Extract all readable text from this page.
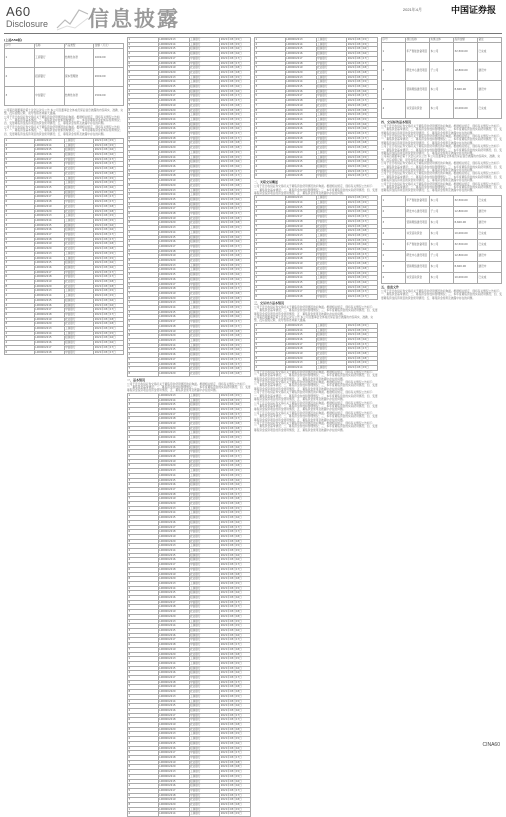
A60
Disclosure 信息披露	2021年4月	中国证券报
(上接A59版)
序号	名称	产品类型	金额（万元）
1	工商银行	结构性存款	1000.00
2	招商银行	保本型理财	2000.00
3	中信银行	结构性存款	1500.00

公司第四届董事会第十次会议决议公告 本公司及董事会全体成员保证信息披露的内容真实、准确、完整，没有虚假记载、误导性陈述或重大遗漏。

公司于近日收到证券交易所关于募集资金使用情况的问询函。根据相关规定，现将有关情况公告如下：一、募集资金基本情况；二、募集资金存放和管理情况；三、本年度募集资金的实际使用情况；四、变更募集资金投资项目的资金使用情况；五、募集资金使用及披露中存在的问题。

公司于近日收到证券交易所关于募集资金使用情况的问询函。根据相关规定，现将有关情况公告如下：一、募集资金基本情况；二、募集资金存放和管理情况；三、本年度募集资金的实际使用情况；四、变更募集资金投资项目的资金使用情况；五、募集资金使用及披露中存在的问题。

1	L000002213	工商银行	2021年03月15日
2	L000002214	工商银行	2021年03月15日
3	L000002215	招商银行	2021年03月16日
4	L000002216	招商银行	2021年03月16日
5	L000002217	中信银行	2021年03月17日
6	L000002218	中信银行	2021年03月17日
7	L000002219	农业银行	2021年03月18日
8	L000002220	农业银行	2021年03月18日
1	L000002213	工商银行	2021年03月15日
2	L000002214	工商银行	2021年03月15日
3	L000002215	招商银行	2021年03月16日
4	L000002216	招商银行	2021年03月16日
5	L000002217	中信银行	2021年03月17日
6	L000002218	中信银行	2021年03月17日
7	L000002219	农业银行	2021年03月18日
8	L000002220	农业银行	2021年03月18日
1	L000002213	工商银行	2021年03月15日
2	L000002214	工商银行	2021年03月15日
3	L000002215	招商银行	2021年03月16日
4	L000002216	招商银行	2021年03月16日
5	L000002217	中信银行	2021年03月17日
6	L000002218	中信银行	2021年03月17日
7	L000002219	农业银行	2021年03月18日
8	L000002220	农业银行	2021年03月18日
1	L000002213	工商银行	2021年03月15日
2	L000002214	工商银行	2021年03月15日
3	L000002215	招商银行	2021年03月16日
4	L000002216	招商银行	2021年03月16日
5	L000002217	中信银行	2021年03月17日
6	L000002218	中信银行	2021年03月17日
7	L000002219	农业银行	2021年03月18日
8	L000002220	农业银行	2021年03月18日
1	L000002213	工商银行	2021年03月15日
2	L000002214	工商银行	2021年03月15日
3	L000002215	招商银行	2021年03月16日
4	L000002216	招商银行	2021年03月16日
5	L000002217	中信银行	2021年03月17日
6	L000002218	中信银行	2021年03月17日
7	L000002219	农业银行	2021年03月18日
8	L000002220	农业银行	2021年03月18日
1	L000002213	工商银行	2021年03月15日
2	L000002214	工商银行	2021年03月15日
3	L000002215	招商银行	2021年03月16日
4	L000002216	招商银行	2021年03月16日
5	L000002217	中信银行	2021年03月17日
6	L000002218	中信银行	2021年03月17日
1	L000002213	工商银行	2021年03月15日
2	L000002214	工商银行	2021年03月15日
3	L000002215	招商银行	2021年03月16日
4	L000002216	招商银行	2021年03月16日
5	L000002217	中信银行	2021年03月17日
6	L000002218	中信银行	2021年03月17日
7	L000002219	农业银行	2021年03月18日
8	L000002220	农业银行	2021年03月18日
1	L000002213	工商银行	2021年03月15日
2	L000002214	工商银行	2021年03月15日
3	L000002215	招商银行	2021年03月16日
4	L000002216	招商银行	2021年03月16日
5	L000002217	中信银行	2021年03月17日
6	L000002218	中信银行	2021年03月17日
7	L000002219	农业银行	2021年03月18日
8	L000002220	农业银行	2021年03月18日
1	L000002213	工商银行	2021年03月15日
2	L000002214	工商银行	2021年03月15日
3	L000002215	招商银行	2021年03月16日
4	L000002216	招商银行	2021年03月16日
5	L000002217	中信银行	2021年03月17日
6	L000002218	中信银行	2021年03月17日
7	L000002219	农业银行	2021年03月18日
8	L000002220	农业银行	2021年03月18日
1	L000002213	工商银行	2021年03月15日
2	L000002214	工商银行	2021年03月15日
3	L000002215	招商银行	2021年03月16日
4	L000002216	招商银行	2021年03月16日
5	L000002217	中信银行	2021年03月17日
6	L000002218	中信银行	2021年03月17日
7	L000002219	农业银行	2021年03月18日
8	L000002220	农业银行	2021年03月18日
1	L000002213	工商银行	2021年03月15日
2	L000002214	工商银行	2021年03月15日
3	L000002215	招商银行	2021年03月16日
4	L000002216	招商银行	2021年03月16日
5	L000002217	中信银行	2021年03月17日
6	L000002218	中信银行	2021年03月17日
7	L000002219	农业银行	2021年03月18日
8	L000002220	农业银行	2021年03月18日
1	L000002213	工商银行	2021年03月15日
2	L000002214	工商银行	2021年03月15日
3	L000002215	招商银行	2021年03月16日
4	L000002216	招商银行	2021年03月16日
5	L000002217	中信银行	2021年03月17日
6	L000002218	中信银行	2021年03月17日
7	L000002219	农业银行	2021年03月18日
8	L000002220	农业银行	2021年03月18日
1	L000002213	工商银行	2021年03月15日
2	L000002214	工商银行	2021年03月15日
3	L000002215	招商银行	2021年03月16日
4	L000002216	招商银行	2021年03月16日
5	L000002217	中信银行	2021年03月17日
6	L000002218	中信银行	2021年03月17日
7	L000002219	农业银行	2021年03月18日
8	L000002220	农业银行	2021年03月18日
1	L000002213	工商银行	2021年03月15日
2	L000002214	工商银行	2021年03月15日
3	L000002215	招商银行	2021年03月16日
4	L000002216	招商银行	2021年03月16日
5	L000002217	中信银行	2021年03月17日
6	L000002218	中信银行	2021年03月17日
7	L000002219	农业银行	2021年03月18日
8	L000002220	农业银行	2021年03月18日
1	L000002213	工商银行	2021年03月15日
2	L000002214	工商银行	2021年03月15日
3	L000002215	招商银行	2021年03月16日
4	L000002216	招商银行	2021年03月16日
5	L000002217	中信银行	2021年03月17日
6	L000002218	中信银行	2021年03月17日
7	L000002219	农业银行	2021年03月18日
8	L000002220	农业银行	2021年03月18日
一、基本情况

公司于近日收到证券交易所关于募集资金使用情况的问询函。根据相关规定，现将有关情况公告如下：一、募集资金基本情况；二、募集资金存放和管理情况；三、本年度募集资金的实际使用情况；四、变更募集资金投资项目的资金使用情况；五、募集资金使用及披露中存在的问题。

1	L000002213	工商银行	2021年03月15日
2	L000002214	工商银行	2021年03月15日
3	L000002215	招商银行	2021年03月16日
4	L000002216	招商银行	2021年03月16日
5	L000002217	中信银行	2021年03月17日
6	L000002218	中信银行	2021年03月17日
7	L000002219	农业银行	2021年03月18日
8	L000002220	农业银行	2021年03月18日
1	L000002213	工商银行	2021年03月15日
2	L000002214	工商银行	2021年03月15日
3	L000002215	招商银行	2021年03月16日
4	L000002216	招商银行	2021年03月16日
5	L000002217	中信银行	2021年03月17日
6	L000002218	中信银行	2021年03月17日
7	L000002219	农业银行	2021年03月18日
8	L000002220	农业银行	2021年03月18日
1	L000002213	工商银行	2021年03月15日
2	L000002214	工商银行	2021年03月15日
3	L000002215	招商银行	2021年03月16日
4	L000002216	招商银行	2021年03月16日
5	L000002217	中信银行	2021年03月17日
6	L000002218	中信银行	2021年03月17日
7	L000002219	农业银行	2021年03月18日
8	L000002220	农业银行	2021年03月18日
1	L000002213	工商银行	2021年03月15日
2	L000002214	工商银行	2021年03月15日
3	L000002215	招商银行	2021年03月16日
4	L000002216	招商银行	2021年03月16日
5	L000002217	中信银行	2021年03月17日
6	L000002218	中信银行	2021年03月17日
7	L000002219	农业银行	2021年03月18日
8	L000002220	农业银行	2021年03月18日
1	L000002213	工商银行	2021年03月15日
2	L000002214	工商银行	2021年03月15日
3	L000002215	招商银行	2021年03月16日
4	L000002216	招商银行	2021年03月16日
5	L000002217	中信银行	2021年03月17日
6	L000002218	中信银行	2021年03月17日
7	L000002219	农业银行	2021年03月18日
8	L000002220	农业银行	2021年03月18日
1	L000002213	工商银行	2021年03月15日
2	L000002214	工商银行	2021年03月15日
3	L000002215	招商银行	2021年03月16日
4	L000002216	招商银行	2021年03月16日
5	L000002217	中信银行	2021年03月17日
6	L000002218	中信银行	2021年03月17日
7	L000002219	农业银行	2021年03月18日
8	L000002220	农业银行	2021年03月18日
1	L000002213	工商银行	2021年03月15日
2	L000002214	工商银行	2021年03月15日
3	L000002215	招商银行	2021年03月16日
4	L000002216	招商银行	2021年03月16日
5	L000002217	中信银行	2021年03月17日
6	L000002218	中信银行	2021年03月17日
7	L000002219	农业银行	2021年03月18日
8	L000002220	农业银行	2021年03月18日
1	L000002213	工商银行	2021年03月15日
2	L000002214	工商银行	2021年03月15日
3	L000002215	招商银行	2021年03月16日
4	L000002216	招商银行	2021年03月16日
5	L000002217	中信银行	2021年03月17日
6	L000002218	中信银行	2021年03月17日
7	L000002219	农业银行	2021年03月18日
8	L000002220	农业银行	2021年03月18日
1	L000002213	工商银行	2021年03月15日
2	L000002214	工商银行	2021年03月15日
3	L000002215	招商银行	2021年03月16日
4	L000002216	招商银行	2021年03月16日
5	L000002217	中信银行	2021年03月17日
6	L000002218	中信银行	2021年03月17日
7	L000002219	农业银行	2021年03月18日
8	L000002220	农业银行	2021年03月18日
1	L000002213	工商银行	2021年03月15日
2	L000002214	工商银行	2021年03月15日
3	L000002215	招商银行	2021年03月16日
4	L000002216	招商银行	2021年03月16日
5	L000002217	中信银行	2021年03月17日
6	L000002218	中信银行	2021年03月17日
7	L000002219	农业银行	2021年03月18日
8	L000002220	农业银行	2021年03月18日
1	L000002213	工商银行	2021年03月15日
2	L000002214	工商银行	2021年03月15日
3	L000002215	招商银行	2021年03月16日
4	L000002216	招商银行	2021年03月16日
5	L000002217	中信银行	2021年03月17日
6	L000002218	中信银行	2021年03月17日
7	L000002219	农业银行	2021年03月18日
8	L000002220	农业银行	2021年03月18日
1	L000002213	工商银行	2021年03月15日
2	L000002214	工商银行	2021年03月15日
1	L000002213	工商银行	2021年03月15日
2	L000002214	工商银行	2021年03月15日
3	L000002215	招商银行	2021年03月16日
4	L000002216	招商银行	2021年03月16日
5	L000002217	中信银行	2021年03月17日
6	L000002218	中信银行	2021年03月17日
7	L000002219	农业银行	2021年03月18日
8	L000002220	农业银行	2021年03月18日
1	L000002213	工商银行	2021年03月15日
2	L000002214	工商银行	2021年03月15日
3	L000002215	招商银行	2021年03月16日
4	L000002216	招商银行	2021年03月16日
5	L000002217	中信银行	2021年03月17日
6	L000002218	中信银行	2021年03月17日
7	L000002219	农业银行	2021年03月18日
8	L000002220	农业银行	2021年03月18日
1	L000002213	工商银行	2021年03月15日
2	L000002214	工商银行	2021年03月15日
3	L000002215	招商银行	2021年03月16日
4	L000002216	招商银行	2021年03月16日
5	L000002217	中信银行	2021年03月17日
6	L000002218	中信银行	2021年03月17日
7	L000002219	农业银行	2021年03月18日
8	L000002220	农业银行	2021年03月18日
1	L000002213	工商银行	2021年03月15日
2	L000002214	工商银行	2021年03月15日
3	L000002215	招商银行	2021年03月16日
4	L000002216	招商银行	2021年03月16日
5	L000002217	中信银行	2021年03月17日
6	L000002218	中信银行	2021年03月17日
二、关联交易概述

公司于近日收到证券交易所关于募集资金使用情况的问询函。根据相关规定，现将有关情况公告如下：一、募集资金基本情况；二、募集资金存放和管理情况；三、本年度募集资金的实际使用情况；四、变更募集资金投资项目的资金使用情况；五、募集资金使用及披露中存在的问题。

1	L000002213	工商银行	2021年03月15日
2	L000002214	工商银行	2021年03月15日
3	L000002215	招商银行	2021年03月16日
4	L000002216	招商银行	2021年03月16日
5	L000002217	中信银行	2021年03月17日
6	L000002218	中信银行	2021年03月17日
7	L000002219	农业银行	2021年03月18日
8	L000002220	农业银行	2021年03月18日
1	L000002213	工商银行	2021年03月15日
2	L000002214	工商银行	2021年03月15日
3	L000002215	招商银行	2021年03月16日
4	L000002216	招商银行	2021年03月16日
5	L000002217	中信银行	2021年03月17日
6	L000002218	中信银行	2021年03月17日
7	L000002219	农业银行	2021年03月18日
8	L000002220	农业银行	2021年03月18日
1	L000002213	工商银行	2021年03月15日
2	L000002214	工商银行	2021年03月15日
3	L000002215	招商银行	2021年03月16日
4	L000002216	招商银行	2021年03月16日
5	L000002217	中信银行	2021年03月17日
6	L000002218	中信银行	2021年03月17日
三、交易对方基本情况

公司于近日收到证券交易所关于募集资金使用情况的问询函。根据相关规定，现将有关情况公告如下：一、募集资金基本情况；二、募集资金存放和管理情况；三、本年度募集资金的实际使用情况；四、变更募集资金投资项目的资金使用情况；五、募集资金使用及披露中存在的问题。

公司第四届董事会第十次会议决议公告 本公司及董事会全体成员保证信息披露的内容真实、准确、完整，没有虚假记载、误导性陈述或重大遗漏。

1	L000002213	工商银行	2021年03月15日
2	L000002214	工商银行	2021年03月15日
3	L000002215	招商银行	2021年03月16日
4	L000002216	招商银行	2021年03月16日
5	L000002217	中信银行	2021年03月17日
6	L000002218	中信银行	2021年03月17日
7	L000002219	农业银行	2021年03月18日
8	L000002220	农业银行	2021年03月18日
1	L000002213	工商银行	2021年03月15日
2	L000002214	工商银行	2021年03月15日

公司于近日收到证券交易所关于募集资金使用情况的问询函。根据相关规定，现将有关情况公告如下：一、募集资金基本情况；二、募集资金存放和管理情况；三、本年度募集资金的实际使用情况；四、变更募集资金投资项目的资金使用情况；五、募集资金使用及披露中存在的问题。

公司于近日收到证券交易所关于募集资金使用情况的问询函。根据相关规定，现将有关情况公告如下：一、募集资金基本情况；二、募集资金存放和管理情况；三、本年度募集资金的实际使用情况；四、变更募集资金投资项目的资金使用情况；五、募集资金使用及披露中存在的问题。

公司于近日收到证券交易所关于募集资金使用情况的问询函。根据相关规定，现将有关情况公告如下：一、募集资金基本情况；二、募集资金存放和管理情况；三、本年度募集资金的实际使用情况；四、变更募集资金投资项目的资金使用情况；五、募集资金使用及披露中存在的问题。

公司于近日收到证券交易所关于募集资金使用情况的问询函。根据相关规定，现将有关情况公告如下：一、募集资金基本情况；二、募集资金存放和管理情况；三、本年度募集资金的实际使用情况；四、变更募集资金投资项目的资金使用情况；五、募集资金使用及披露中存在的问题。

公司于近日收到证券交易所关于募集资金使用情况的问询函。根据相关规定，现将有关情况公告如下：一、募集资金基本情况；二、募集资金存放和管理情况；三、本年度募集资金的实际使用情况；四、变更募集资金投资项目的资金使用情况；五、募集资金使用及披露中存在的问题。

公司于近日收到证券交易所关于募集资金使用情况的问询函。根据相关规定，现将有关情况公告如下：一、募集资金基本情况；二、募集资金存放和管理情况；三、本年度募集资金的实际使用情况；四、变更募集资金投资项目的资金使用情况；五、募集资金使用及披露中存在的问题。

序号	项目名称	实施主体	投资金额	备注
1	年产智能装备项目	本公司	32,500.00	已完成
2	研发中心建设项目	子公司	12,800.00	建设中
3	营销网络建设项目	本公司	8,600.00	建设中
4	补充流动资金	本公司	10,000.00	已完成
四、交易标的基本情况

公司于近日收到证券交易所关于募集资金使用情况的问询函。根据相关规定，现将有关情况公告如下：一、募集资金基本情况；二、募集资金存放和管理情况；三、本年度募集资金的实际使用情况；四、变更募集资金投资项目的资金使用情况；五、募集资金使用及披露中存在的问题。

公司于近日收到证券交易所关于募集资金使用情况的问询函。根据相关规定，现将有关情况公告如下：一、募集资金基本情况；二、募集资金存放和管理情况；三、本年度募集资金的实际使用情况；四、变更募集资金投资项目的资金使用情况；五、募集资金使用及披露中存在的问题。

公司于近日收到证券交易所关于募集资金使用情况的问询函。根据相关规定，现将有关情况公告如下：一、募集资金基本情况；二、募集资金存放和管理情况；三、本年度募集资金的实际使用情况；四、变更募集资金投资项目的资金使用情况；五、募集资金使用及披露中存在的问题。

公司第四届董事会第十次会议决议公告 本公司及董事会全体成员保证信息披露的内容真实、准确、完整，没有虚假记载、误导性陈述或重大遗漏。

公司于近日收到证券交易所关于募集资金使用情况的问询函。根据相关规定，现将有关情况公告如下：一、募集资金基本情况；二、募集资金存放和管理情况；三、本年度募集资金的实际使用情况；四、变更募集资金投资项目的资金使用情况；五、募集资金使用及披露中存在的问题。

公司于近日收到证券交易所关于募集资金使用情况的问询函。根据相关规定，现将有关情况公告如下：一、募集资金基本情况；二、募集资金存放和管理情况；三、本年度募集资金的实际使用情况；四、变更募集资金投资项目的资金使用情况；五、募集资金使用及披露中存在的问题。

公司于近日收到证券交易所关于募集资金使用情况的问询函。根据相关规定，现将有关情况公告如下：一、募集资金基本情况；二、募集资金存放和管理情况；三、本年度募集资金的实际使用情况；四、变更募集资金投资项目的资金使用情况；五、募集资金使用及披露中存在的问题。

1	年产智能装备项目	本公司	32,500.00	已完成
2	研发中心建设项目	子公司	12,800.00	建设中
3	营销网络建设项目	本公司	8,600.00	建设中
4	补充流动资金	本公司	10,000.00	已完成
1	年产智能装备项目	本公司	32,500.00	已完成
2	研发中心建设项目	子公司	12,800.00	建设中
3	营销网络建设项目	本公司	8,600.00	建设中
4	补充流动资金	本公司	10,000.00	已完成
五、备查文件

公司于近日收到证券交易所关于募集资金使用情况的问询函。根据相关规定，现将有关情况公告如下：一、募集资金基本情况；二、募集资金存放和管理情况；三、本年度募集资金的实际使用情况；四、变更募集资金投资项目的资金使用情况；五、募集资金使用及披露中存在的问题。

CINA60
